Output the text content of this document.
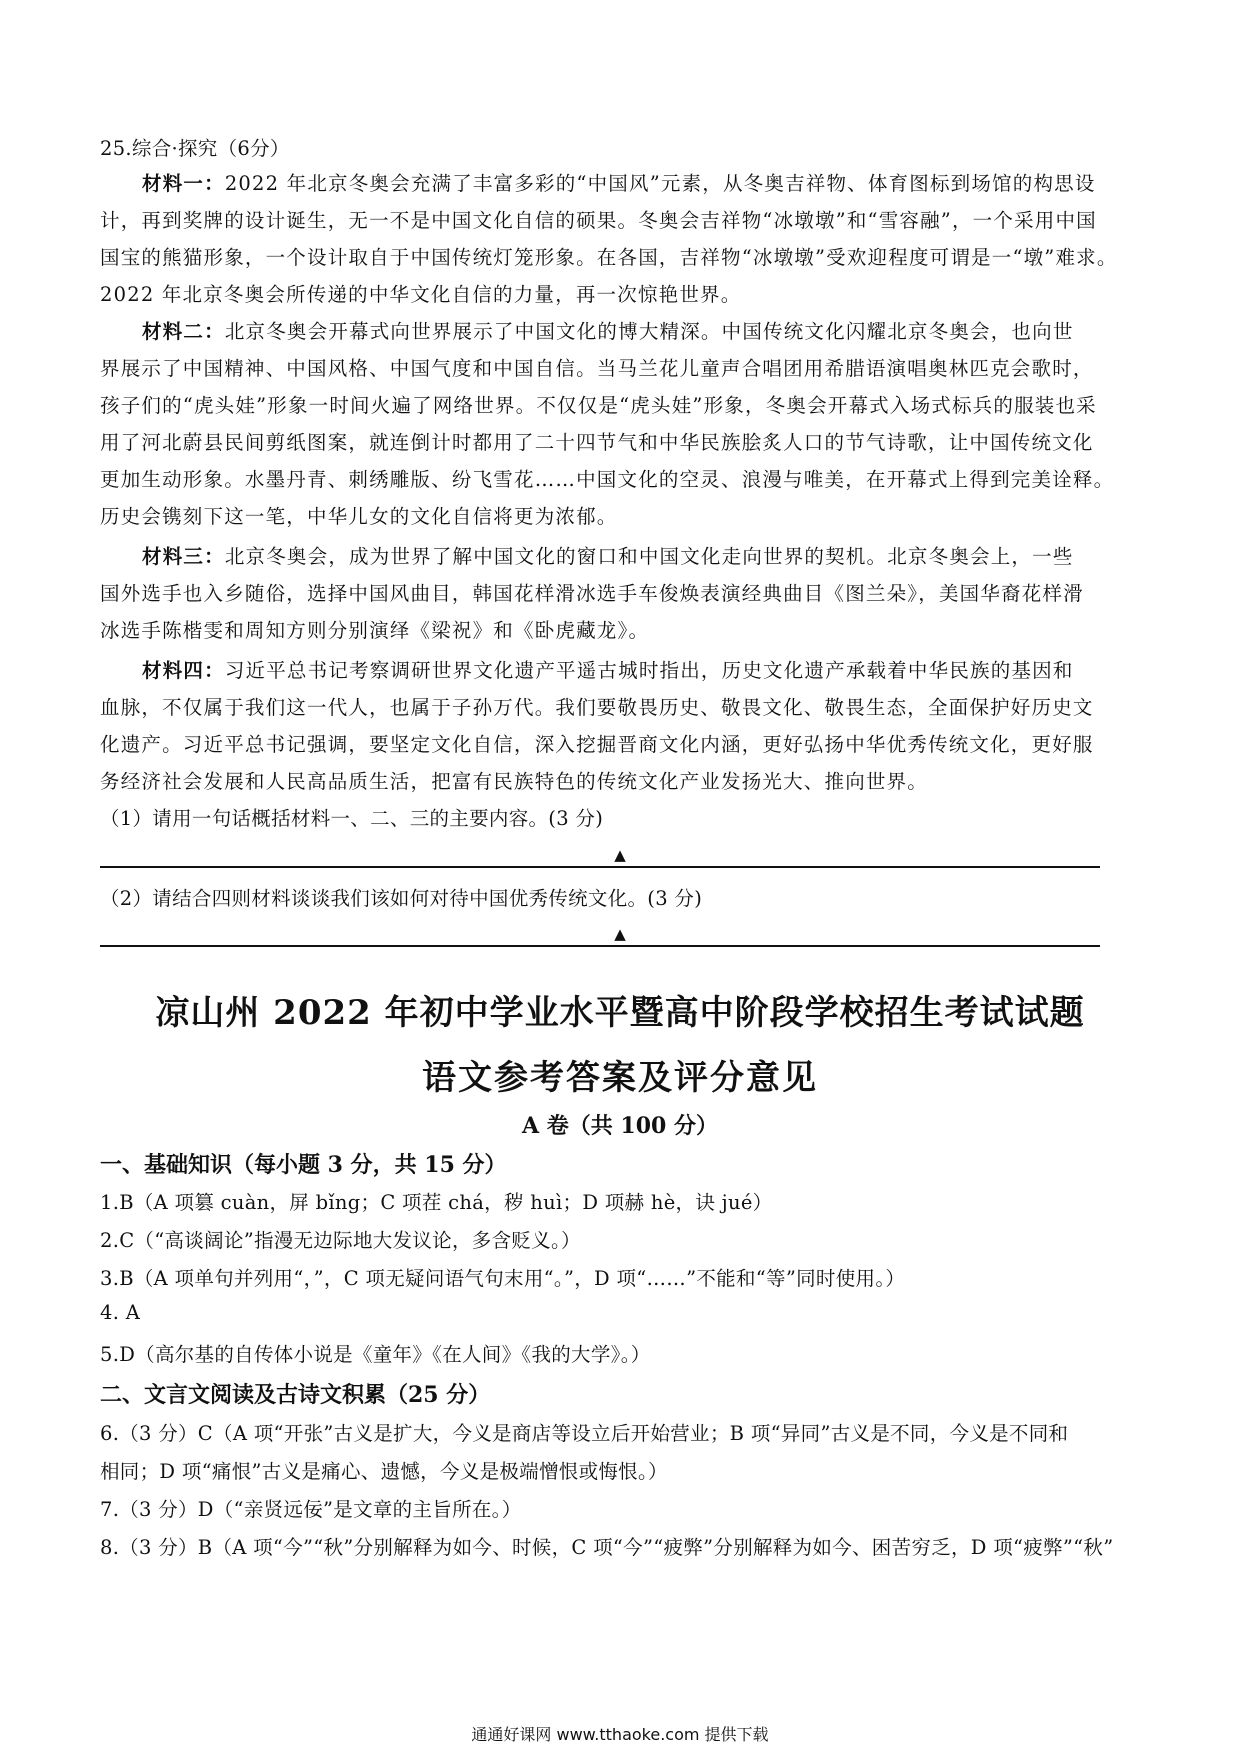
25.综合·探究（6分）
材料一：2022 年北京冬奥会充满了丰富多彩的“中国风”元素，从冬奥吉祥物、体育图标到场馆的构思设
计，再到奖牌的设计诞生，无一不是中国文化自信的硕果。冬奥会吉祥物“冰墩墩”和“雪容融”，一个采用中国
国宝的熊猫形象，一个设计取自于中国传统灯笼形象。在各国，吉祥物“冰墩墩”受欢迎程度可谓是一“墩”难求。
2022 年北京冬奥会所传递的中华文化自信的力量，再一次惊艳世界。
材料二：北京冬奥会开幕式向世界展示了中国文化的博大精深。中国传统文化闪耀北京冬奥会，也向世
界展示了中国精神、中国风格、中国气度和中国自信。当马兰花儿童声合唱团用希腊语演唱奥林匹克会歌时，
孩子们的“虎头娃”形象一时间火遍了网络世界。不仅仅是“虎头娃”形象，冬奥会开幕式入场式标兵的服装也采
用了河北蔚县民间剪纸图案，就连倒计时都用了二十四节气和中华民族脍炙人口的节气诗歌，让中国传统文化
更加生动形象。水墨丹青、刺绣雕版、纷飞雪花……中国文化的空灵、浪漫与唯美，在开幕式上得到完美诠释。
历史会镌刻下这一笔，中华儿女的文化自信将更为浓郁。
材料三：北京冬奥会，成为世界了解中国文化的窗口和中国文化走向世界的契机。北京冬奥会上，一些
国外选手也入乡随俗，选择中国风曲目，韩国花样滑冰选手车俊焕表演经典曲目《图兰朵》，美国华裔花样滑
冰选手陈楷雯和周知方则分别演绎《梁祝》和《卧虎藏龙》。
材料四：习近平总书记考察调研世界文化遗产平遥古城时指出，历史文化遗产承载着中华民族的基因和
血脉，不仅属于我们这一代人，也属于子孙万代。我们要敬畏历史、敬畏文化、敬畏生态，全面保护好历史文
化遗产。习近平总书记强调，要坚定文化自信，深入挖掘晋商文化内涵，更好弘扬中华优秀传统文化，更好服
务经济社会发展和人民高品质生活，把富有民族特色的传统文化产业发扬光大、推向世界。
（1）请用一句话概括材料一、二、三的主要内容。(3 分)
▲
（2）请结合四则材料谈谈我们该如何对待中国优秀传统文化。(3 分)
▲
凉山州 2022 年初中学业水平暨高中阶段学校招生考试试题
语文参考答案及评分意见
A 卷（共 100 分）
一、基础知识（每小题 3 分，共 15 分）
1.B（A 项篡 cuàn，屏 bǐng；C 项茬 chá，秽 huì；D 项赫 hè，诀 jué）
2.C（“高谈阔论”指漫无边际地大发议论，多含贬义。）
3.B（A 项单句并列用“，”，C 项无疑问语气句末用“。”，D 项“……”不能和“等”同时使用。）
4. A
5.D（高尔基的自传体小说是《童年》《在人间》《我的大学》。）
二、文言文阅读及古诗文积累（25 分）
6.（3 分）C（A 项“开张”古义是扩大，今义是商店等设立后开始营业；B 项“异同”古义是不同，今义是不同和
相同；D 项“痛恨”古义是痛心、遗憾，今义是极端憎恨或悔恨。）
7.（3 分）D（“亲贤远佞”是文章的主旨所在。）
8.（3 分）B（A 项“今”“秋”分别解释为如今、时候，C 项“今”“疲弊”分别解释为如今、困苦穷乏，D 项“疲弊”“秋”
通通好课网 www.tthaoke.com 提供下载
